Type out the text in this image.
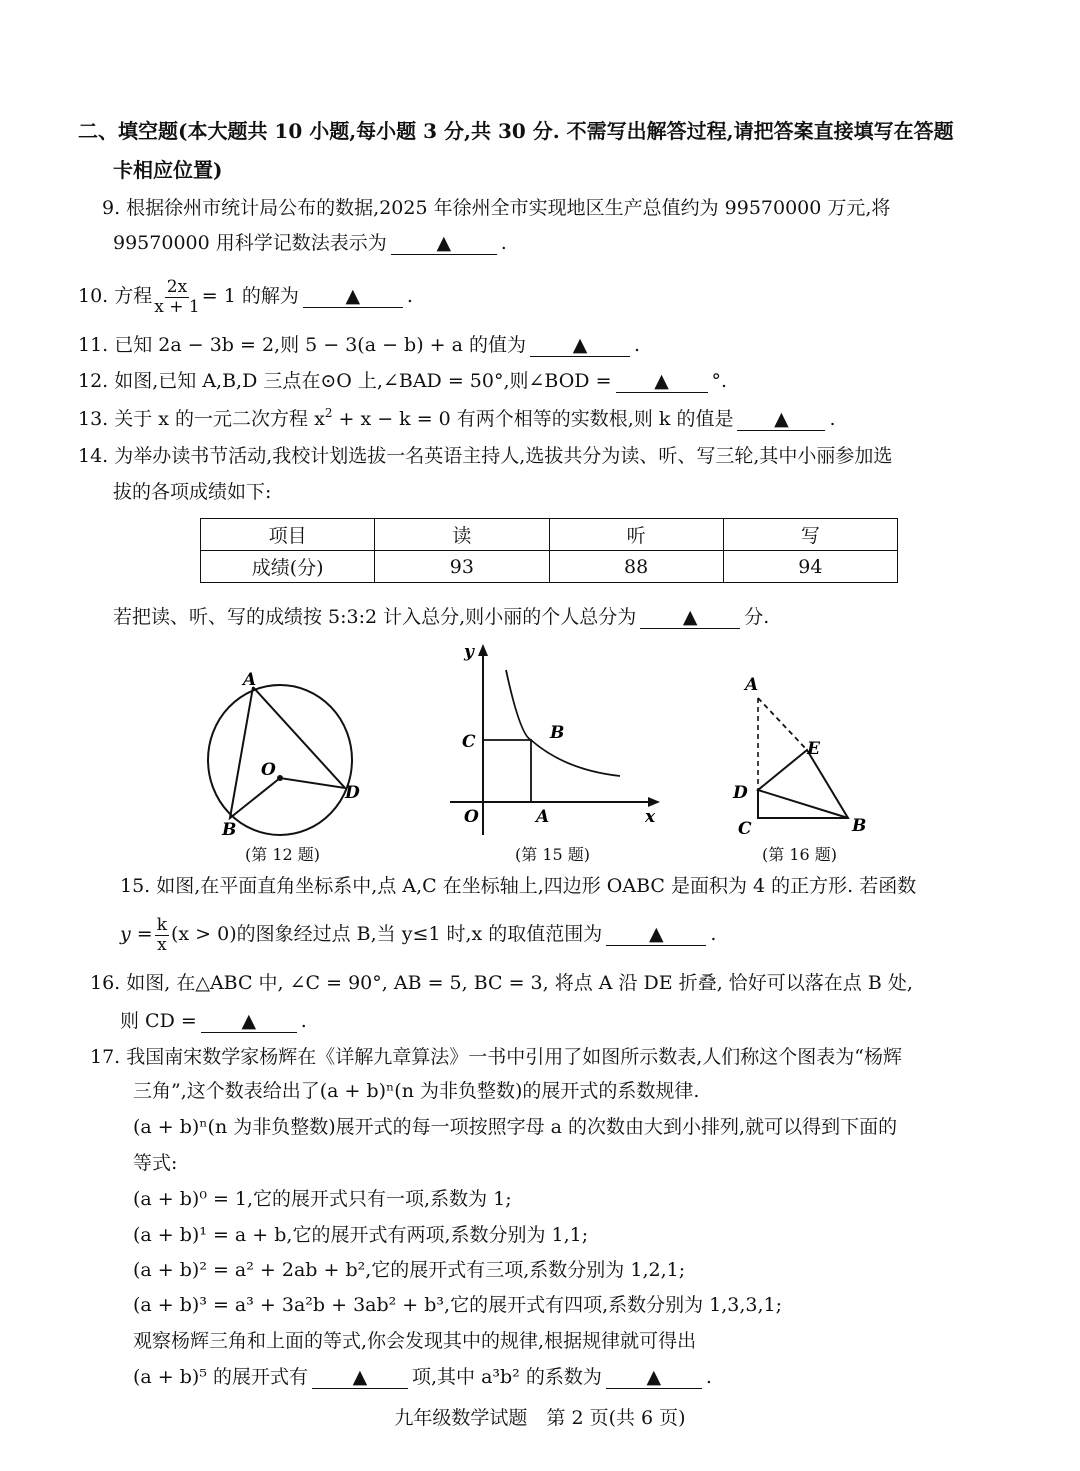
二、填空题(本大题共 10 小题,每小题 3 分,共 30 分. 不需写出解答过程,请把答案直接填写在答题
卡相应位置)
9. 根据徐州市统计局公布的数据,2025 年徐州全市实现地区生产总值约为 99570000 万元,将
99570000 用科学记数法表示为	▲	.
10. 方程 $\frac{2x}{x + 1} = 1$ 的解为 ▲ .
11. 已知 2a − 3b = 2,则 5 − 3(a − b) + a 的值为 ▲ .
12. 如图,已知 A,B,D 三点在⊙O 上,∠BAD = 50°,则∠BOD = ▲ °.
13. 关于 x 的一元二次方程 $x^2 + x - k = 0$ 有两个相等的实数根,则 k 的值是 ▲ .
14. 为举办读书节活动,我校计划选拔一名英语主持人,选拔共分为读、听、写三轮,其中小丽参加选
拔的各项成绩如下:
项目	读	听	写
成绩(分)	93	88	94
若把读、听、写的成绩按 5:3:2 计入总分,则小丽的个人总分为 ▲ 分.
A
B
O
D
(第 12 题)
y
x
O	A
B
C
(第 15 题)
A
E
D
C	B
(第 16 题)
15. 如图,在平面直角坐标系中,点 A,C 在坐标轴上,四边形 OABC 是面积为 4 的正方形. 若函数
$y = \frac{k}{x} (x > 0)$的图象经过点 B,当 y≤1 时,x 的取值范围为 ▲ .
16. 如图, 在△ABC 中, ∠C = 90°, AB = 5, BC = 3, 将点 A 沿 DE 折叠, 恰好可以落在点 B 处,
则 CD = ▲ .
17. 我国南宋数学家杨辉在《详解九章算法》一书中引用了如图所示数表,人们称这个图表为“杨辉
三角”,这个数表给出了(a + b)ⁿ(n 为非负整数)的展开式的系数规律.
(a + b)ⁿ(n 为非负整数)展开式的每一项按照字母 a 的次数由大到小排列,就可以得到下面的
等式:
(a + b)⁰ = 1,它的展开式只有一项,系数为 1;
(a + b)¹ = a + b,它的展开式有两项,系数分别为 1,1;
(a + b)² = a² + 2ab + b²,它的展开式有三项,系数分别为 1,2,1;
(a + b)³ = a³ + 3a²b + 3ab² + b³,它的展开式有四项,系数分别为 1,3,3,1;
观察杨辉三角和上面的等式,你会发现其中的规律,根据规律就可得出
(a + b)⁵ 的展开式有 ▲ 项,其中 a³b² 的系数为 ▲ .
九年级数学试题　第 2 页(共 6 页)
